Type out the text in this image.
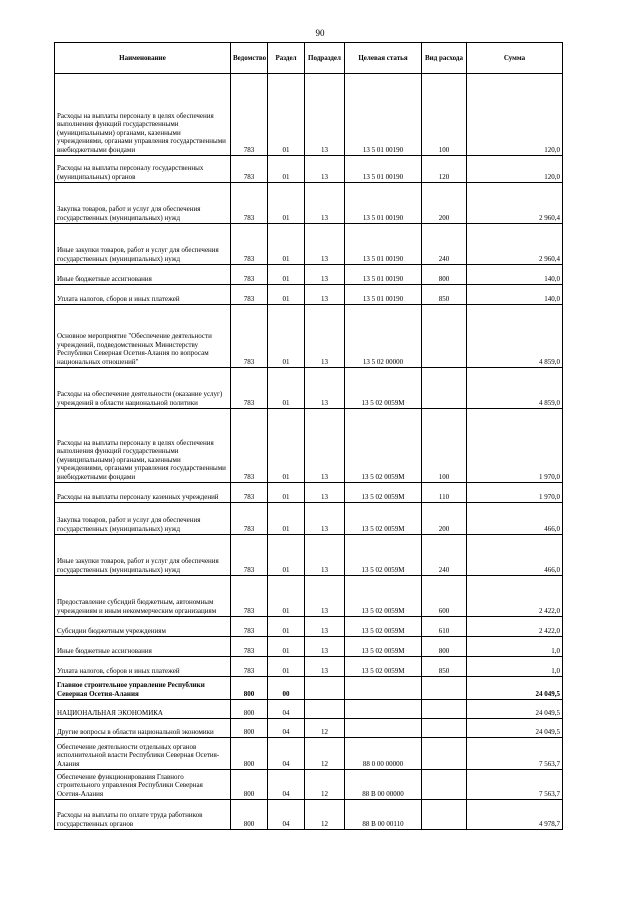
90
Наименование	Ведомство	Раздел	Подраздел	Целевая статья	Вид расхода	Сумма
Расходы на выплаты персоналу в целях обеспечения выполнения функций государственными (муниципальными) органами, казенными учреждениями, органами управления государственными внебюджетными фондами	783	01	13	13 5 01 00190	100	120,0
Расходы на выплаты персоналу государственных (муниципальных) органов	783	01	13	13 5 01 00190	120	120,0
Закупка товаров, работ и услуг для обеспечения государственных (муниципальных) нужд	783	01	13	13 5 01 00190	200	2 960,4
Иные закупки товаров, работ и услуг для обеспечения государственных (муниципальных) нужд	783	01	13	13 5 01 00190	240	2 960,4
Иные бюджетные ассигнования	783	01	13	13 5 01 00190	800	140,0
Уплата налогов, сборов и иных платежей	783	01	13	13 5 01 00190	850	140,0
Основное мероприятие "Обеспечение деятельности учреждений, подведомственных Министерству Республики Северная Осетия-Алания по вопросам национальных отношений"	783	01	13	13 5 02 00000		4 859,0
Расходы на обеспечение деятельности (оказание услуг) учреждений в области национальной политики	783	01	13	13 5 02 0059М		4 859,0
Расходы на выплаты персоналу в целях обеспечения выполнения функций государственными (муниципальными) органами, казенными учреждениями, органами управления государственными внебюджетными фондами	783	01	13	13 5 02 0059М	100	1 970,0
Расходы на выплаты персоналу казенных учреждений	783	01	13	13 5 02 0059М	110	1 970,0
Закупка товаров, работ и услуг для обеспечения государственных (муниципальных) нужд	783	01	13	13 5 02 0059М	200	466,0
Иные закупки товаров, работ и услуг для обеспечения государственных (муниципальных) нужд	783	01	13	13 5 02 0059М	240	466,0
Предоставление субсидий бюджетным, автономным учреждениям и иным некоммерческим организациям	783	01	13	13 5 02 0059М	600	2 422,0
Субсидии бюджетным учреждениям	783	01	13	13 5 02 0059М	610	2 422,0
Иные бюджетные ассигнования	783	01	13	13 5 02 0059М	800	1,0
Уплата налогов, сборов и иных платежей	783	01	13	13 5 02 0059М	850	1,0
Главное строительное управление Республики Северная Осетия-Алания	800	00				24 049,5
НАЦИОНАЛЬНАЯ ЭКОНОМИКА	800	04				24 049,5
Другие вопросы в области национальной экономики	800	04	12			24 049,5
Обеспечение деятельности отдельных органов исполнительной власти Республики Северная Осетия-Алания	800	04	12	88 0 00 00000		7 563,7
Обеспечение функционирования Главного строительного управления Республики Северная Осетия-Алания	800	04	12	88 В 00 00000		7 563,7
Расходы на выплаты по оплате труда работников государственных органов	800	04	12	88 В 00 00110		4 978,7
